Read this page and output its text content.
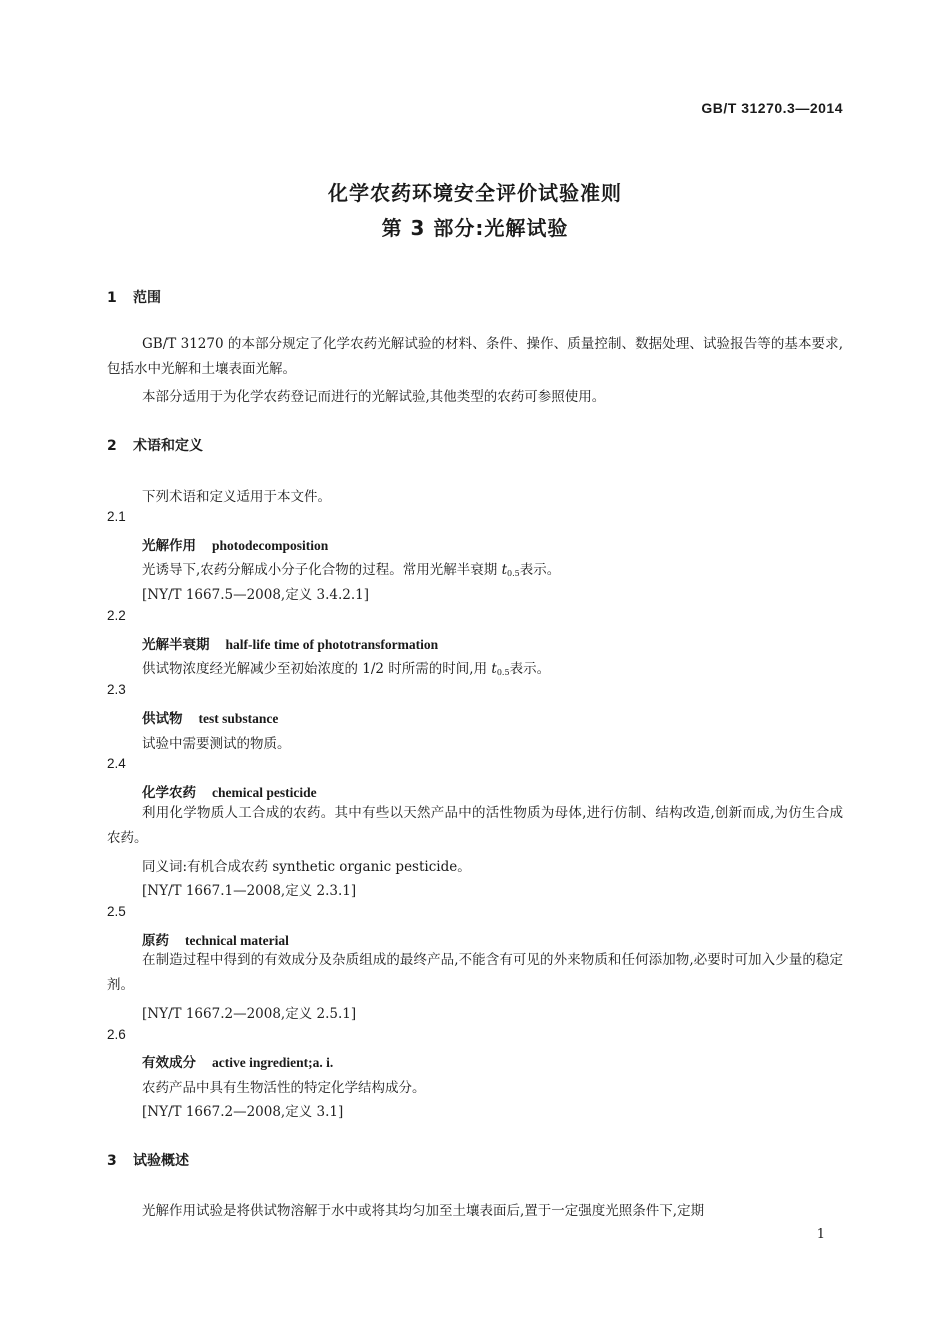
GB/T 31270.3—2014
化学农药环境安全评价试验准则
第 3 部分:光解试验
1 范围
GB/T 31270 的本部分规定了化学农药光解试验的材料、条件、操作、质量控制、数据处理、试验报告等的基本要求,包括水中光解和土壤表面光解。
本部分适用于为化学农药登记而进行的光解试验,其他类型的农药可参照使用。
2 术语和定义
下列术语和定义适用于本文件。
2.1
光解作用 photodecomposition
光诱导下,农药分解成小分子化合物的过程。常用光解半衰期 $t_{0.5}$表示。
[NY/T 1667.5—2008,定义 3.4.2.1]
2.2
光解半衰期 half-life time of phototransformation
供试物浓度经光解减少至初始浓度的 1/2 时所需的时间,用 $t_{0.5}$表示。
2.3
供试物 test substance
试验中需要测试的物质。
2.4
化学农药 chemical pesticide
利用化学物质人工合成的农药。其中有些以天然产品中的活性物质为母体,进行仿制、结构改造,创新而成,为仿生合成农药。
同义词:有机合成农药 synthetic organic pesticide。
[NY/T 1667.1—2008,定义 2.3.1]
2.5
原药 technical material
在制造过程中得到的有效成分及杂质组成的最终产品,不能含有可见的外来物质和任何添加物,必要时可加入少量的稳定剂。
[NY/T 1667.2—2008,定义 2.5.1]
2.6
有效成分 active ingredient;a. i.
农药产品中具有生物活性的特定化学结构成分。
[NY/T 1667.2—2008,定义 3.1]
3 试验概述
光解作用试验是将供试物溶解于水中或将其均匀加至土壤表面后,置于一定强度光照条件下,定期
1
